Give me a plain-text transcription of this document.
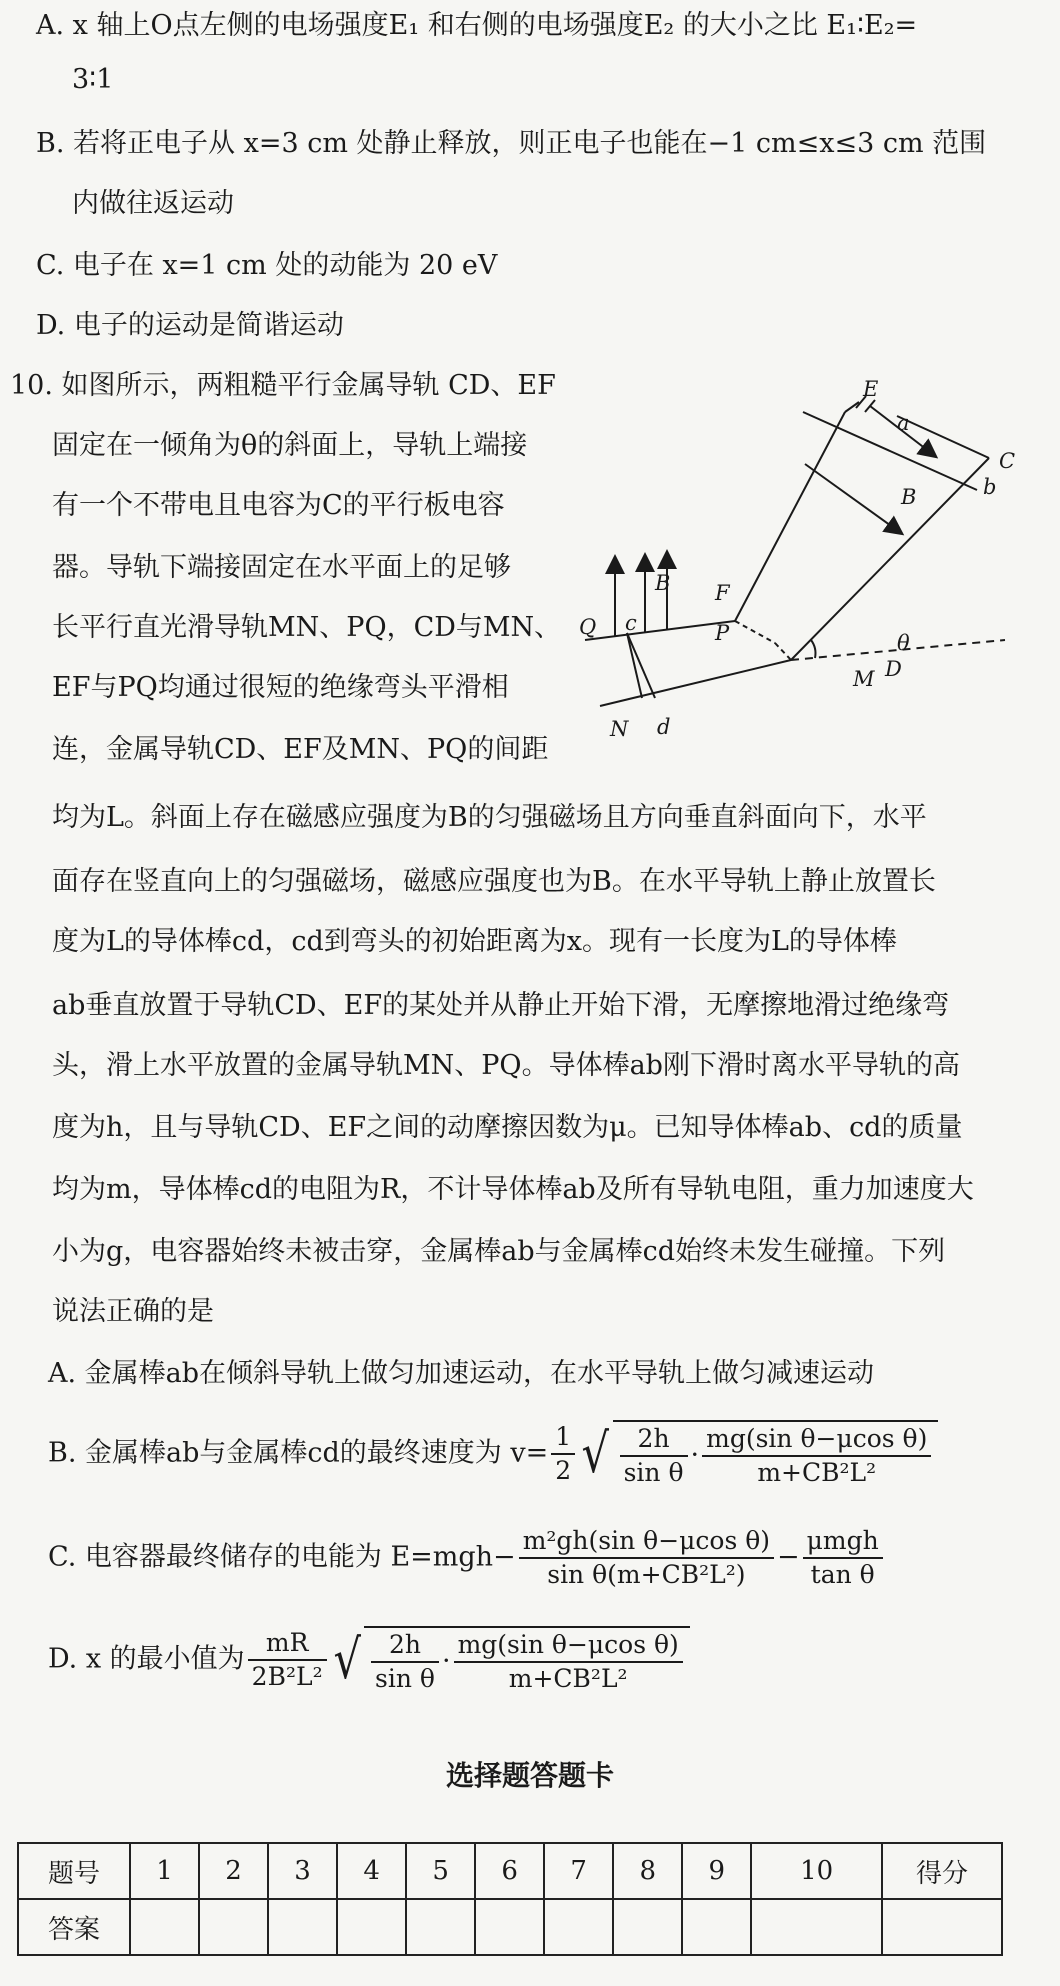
A. x 轴上O点左侧的电场强度E₁ 和右侧的电场强度E₂ 的大小之比 E₁∶E₂=
3∶1
B. 若将正电子从 x=3 cm 处静止释放，则正电子也能在−1 cm≤x≤3 cm 范围
内做往返运动
C. 电子在 x=1 cm 处的动能为 20 eV
D. 电子的运动是简谐运动
10. 如图所示，两粗糙平行金属导轨 CD、EF
固定在一倾角为θ的斜面上，导轨上端接
有一个不带电且电容为C的平行板电容
器。导轨下端接固定在水平面上的足够
长平行直光滑导轨MN、PQ，CD与MN、
EF与PQ均通过很短的绝缘弯头平滑相
连，金属导轨CD、EF及MN、PQ的间距
E
a
C
b
B
F
P
Q c
B
θ
M D
N d
均为L。斜面上存在磁感应强度为B的匀强磁场且方向垂直斜面向下，水平
面存在竖直向上的匀强磁场，磁感应强度也为B。在水平导轨上静止放置长
度为L的导体棒cd，cd到弯头的初始距离为x。现有一长度为L的导体棒
ab垂直放置于导轨CD、EF的某处并从静止开始下滑，无摩擦地滑过绝缘弯
头，滑上水平放置的金属导轨MN、PQ。导体棒ab刚下滑时离水平导轨的高
度为h，且与导轨CD、EF之间的动摩擦因数为μ。已知导体棒ab、cd的质量
均为m，导体棒cd的电阻为R，不计导体棒ab及所有导轨电阻，重力加速度大
小为g，电容器始终未被击穿，金属棒ab与金属棒cd始终未发生碰撞。下列
说法正确的是
A. 金属棒ab在倾斜导轨上做匀加速运动，在水平导轨上做匀减速运动
B. 金属棒ab与金属棒cd的最终速度为 $v= \frac{1}{2}$ √ $\frac{2h}{\text{sin θ}} \cdot \frac{\text{mg(sin θ−μcos θ)}}{\text{m+CB²L²}}$
C. 电容器最终储存的电能为 $E=mgh- \frac{\text{m²gh(sin θ−μcos θ)}}{\text{sin θ(m+CB²L²)}} - \frac{\text{μmgh}}{\text{tan θ}}$
D. x 的最小值为 $\frac{mR}{\text{2B²L²}}$ √ $\frac{2h}{\text{sin θ}} \cdot \frac{\text{mg(sin θ−μcos θ)}}{\text{m+CB²L²}}$
选择题答题卡
题号	1	2	3	4	5	6	7	8	9	10	得分
答案											
